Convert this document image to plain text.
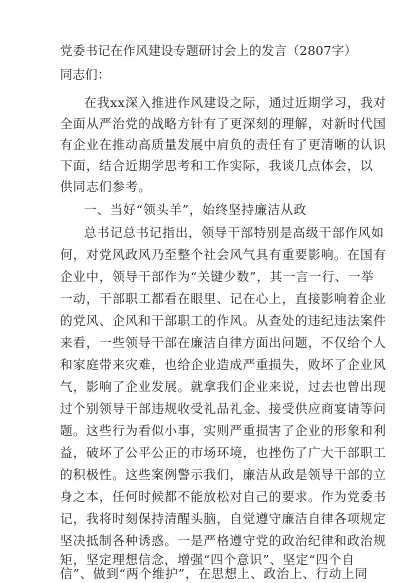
党委书记在作风建设专题研讨会上的发言（2807字）
同志们：
在我xx深入推进作风建设之际，通过近期学习，我对
全面从严治党的战略方针有了更深刻的理解，对新时代国
有企业在推动高质量发展中肩负的责任有了更清晰的认识
下面，结合近期学思考和工作实际，我谈几点体会，以
供同志们参考。
一、当好“领头羊”，始终坚持廉洁从政
总书记总书记指出，领导干部特别是高级干部作风如
何，对党风政风乃至整个社会风气具有重要影响。在国有
企业中，领导干部作为“关键少数”，其一言一行、一举
一动，干部职工都看在眼里、记在心上，直接影响着企业
的党风、企风和干部职工的作风。从查处的违纪违法案件
来看，一些领导干部在廉洁自律方面出问题，不仅给个人
和家庭带来灾难，也给企业造成严重损失，败坏了企业风
气，影响了企业发展。就拿我们企业来说，过去也曾出现
过个别领导干部违规收受礼品礼金、接受供应商宴请等问
题。这些行为看似小事，实则严重损害了企业的形象和利
益，破坏了公平公正的市场环境，也挫伤了广大干部职工
的积极性。这些案例警示我们，廉洁从政是领导干部的立
身之本，任何时候都不能放松对自己的要求。作为党委书
记，我将时刻保持清醒头脑，自觉遵守廉洁自律各项规定
坚决抵制各种诱惑。一是严格遵守党的政治纪律和政治规
矩，坚定理想信念，增强“四个意识”、坚定“四个自
信”、做到“两个维护”，在思想上、政治上、行动上同
